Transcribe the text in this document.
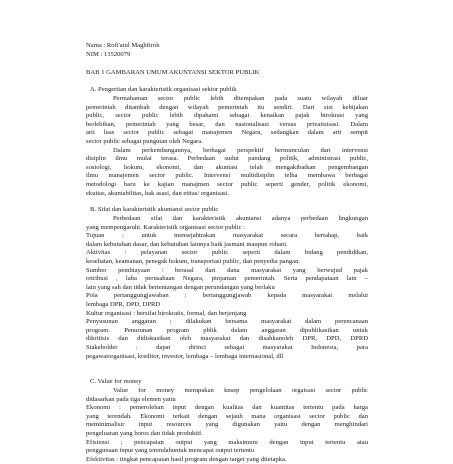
Nama : Rofi'atul Maghfiroh
NIM : 13520079
BAB 1 GAMBARAN UMUM AKUNTANSI SEKTOR PUBLIK
A. Pengertian dan karakteristik organisasi sektor publik
Permahaman sector public lebih ditempakan pada suatu wilayah diluar
pemerintah ditambah dengan wilayah pemerintah itu sendiri. Dari sisi kebijakan
public, sector public lebih dipahami sebagai kenaikan pajak birokrasi yang
berlebihan, pemerintah yang besar, dan nasionalisasi versus privatisisasi. Dalam
arti luas sector public sebagai manajemen Negara, sedangkan dalam arti sempit
sector public sebagai pungutan oleh Negara.
Dalam perkembangannya, berbagai perspektif bermunculan dari intervensi
disiplin ilmu mulai terasa. Perbedaan sudut pandang politik, administrasi public,
sosiologi, hokum, ekonomi, dan akuntasi telah mengakibatkan pengembangan
ilmu manajemen sector public. Intervensi multidisiplin telha membawa berbagai
metodologi baru ke kajian manajmen sector public seperti gender, politik ekonomi,
ekuitas, akuntabilitas, hak asasi, dan etitas/ organisasi.
B. Sifat dan karakteristik akuntansi sector public
Perbedaan sifat dan karakteristik akuntansi adanya perbedaan lingkungan
yang mempengaruhi. Karakteristik organisasi sector public :
Tujuan : untuk mensejahtrakan masyarakat secara bertahap, baik
dalam kebutuhan dasar, dan kebutuhan lainnya baik jasmani maupun rohani.
Aktivitas : pelayanan sector public seperti dalam bidang pendidikan,
kesehatan, keamanan, penegak hokum, transportasi public, dan penyedia pangan.
Sumber pembiayaan : berasal dari dana masyarakat yang berwujud pajak
retribusi , laba perusahaan Negara, pinjaman pemerintah. Serta pendapataan lain –
lain yang sah dan tidak bertentangan dengan perundangan yang berlaku
Pola pertanggungjawaban : bertanggungjawab kepada masyarakat melalui
lembaga DPR, DPD, DPRD
Kultur organisasi : bersifat birokratis, formal, dan berjenjang
Penyusunan anggaran : dilakukan bersama masyarakat dalam perencanaan
program. Penurunan program pblik dalam anggaran dipublikasikan untuk
dikritisis dan didiskusikan oleh masyarakat dan disahkanoleh DPR, DPD, DPRD
Stakeholder : dapat dirinci sebagai masyarakat Indonesia, para
pegawaiorganisasi, kreditor, investor, lembaga – lembaga internasional, dll
C. Value for money
Value for money merupakan knsep pengelolaan orgaisasi sector public
didasarkan pada tiga elemen yaitu
Ekonomi : pemerolehan input dengan kualitas dan kuantitas tertentu pada harga
yang terendah. Ekonomi terkait dengan sejauh mana organisasi sector public dan
meminimalisir input resources yang digunakan yaitu dengan menghindari
pengeluaran yang boros dan tidak produktif.
Efisiensi ; pencapaian output yang maksimum dengan input tertentu atau
penggunaan input yang terendahuntuk mencapai output tertentu
Efektivitas : tingkat pencapaian hasil program dengan target yang ditetapka.
